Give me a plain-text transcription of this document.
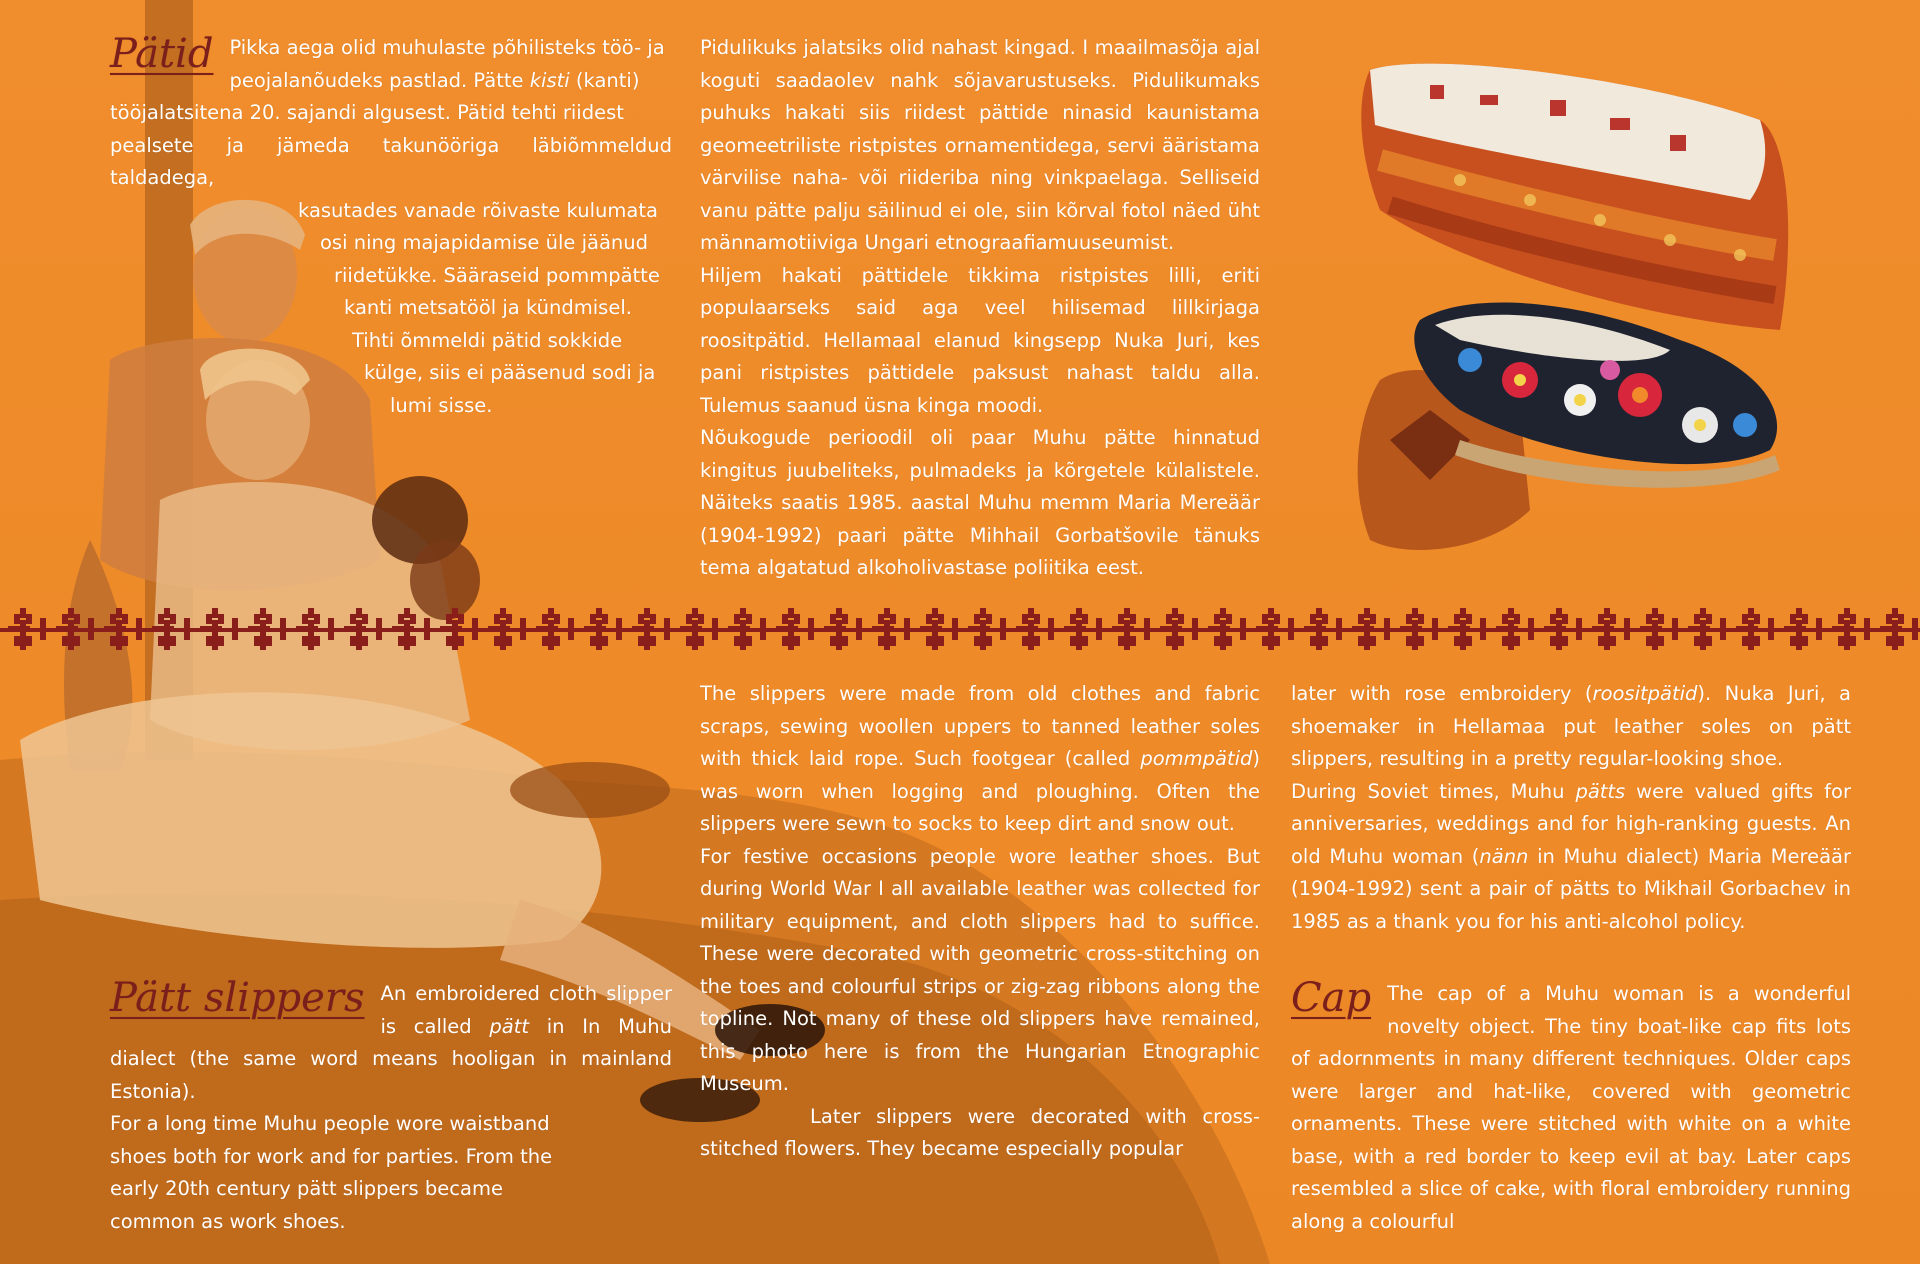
Pätid Pikka aega olid muhulaste põhilisteks töö- ja
peojalanõudeks pastlad. Pätte kisti (kanti)
tööjalatsitena 20. sajandi algusest. Pätid tehti riidest
pealsete ja jämeda takunööriga läbiõmmeldud taldadega,
kasutades vanade rõivaste kulumata
osi ning majapidamise üle jäänud
riidetükke. Sääraseid pommpätte
kanti metsatööl ja kündmisel.
Tihti õmmeldi pätid sokkide
külge, siis ei pääsenud sodi ja
lumi sisse.

Pidulikuks jalatsiks olid nahast kingad. I maailmasõja ajal koguti saadaolev nahk sõjavarustuseks. Pidulikumaks puhuks hakati siis riidest pättide ninasid kaunistama geomeetriliste ristpistes ornamentidega, servi ääristama värvilise naha- või riideriba ning vinkpaelaga. Selliseid vanu pätte palju säilinud ei ole, siin kõrval fotol näed üht männamotiiviga Ungari etnograafiamuuseumist.

Hiljem hakati pättidele tikkima ristpistes lilli, eriti populaarseks said aga veel hilisemad lillkirjaga roositpätid. Hellamaal elanud kingsepp Nuka Juri, kes pani ristpistes pättidele paksust nahast taldu alla. Tulemus saanud üsna kinga moodi.

Nõukogude perioodil oli paar Muhu pätte hinnatud kingitus juubeliteks, pulmadeks ja kõrgetele külalistele. Näiteks saatis 1985. aastal Muhu memm Maria Mereäär (1904-1992) paari pätte Mihhail Gorbatšovile tänuks tema algatatud alkoholivastase poliitika eest.

Pätt slippers An embroidered cloth slipper is called pätt in In Muhu dialect (the same word means hooligan in mainland Estonia).

For a long time Muhu people wore waistband shoes both for work and for parties. From the early 20th century pätt slippers became common as work shoes.

The slippers were made from old clothes and fabric scraps, sewing woollen uppers to tanned leather soles with thick laid rope. Such footgear (called pommpätid) was worn when logging and ploughing. Often the slippers were sewn to socks to keep dirt and snow out.

For festive occasions people wore leather shoes. But during World War I all available leather was collected for military equipment, and cloth slippers had to suffice. These were decorated with geometric cross-stitching on the toes and colourful strips or zig-zag ribbons along the topline. Not many of these old slippers have remained, this photo here is from the Hungarian Etnographic Museum.

Later slippers were decorated with cross-stitched flowers. They became especially popular

later with rose embroidery (roositpätid). Nuka Juri, a shoemaker in Hellamaa put leather soles on pätt slippers, resulting in a pretty regular-looking shoe.

During Soviet times, Muhu pätts were valued gifts for anniversaries, weddings and for high-ranking guests. An old Muhu woman (nänn in Muhu dialect) Maria Mereäär (1904-1992) sent a pair of pätts to Mikhail Gorbachev in 1985 as a thank you for his anti-alcohol policy.

Cap The cap of a Muhu woman is a wonderful novelty object. The tiny boat-like cap fits lots of adornments in many different techniques. Older caps were larger and hat-like, covered with geometric ornaments. These were stitched with white on a white base, with a red border to keep evil at bay. Later caps resembled a slice of cake, with floral embroidery running along a colourful
